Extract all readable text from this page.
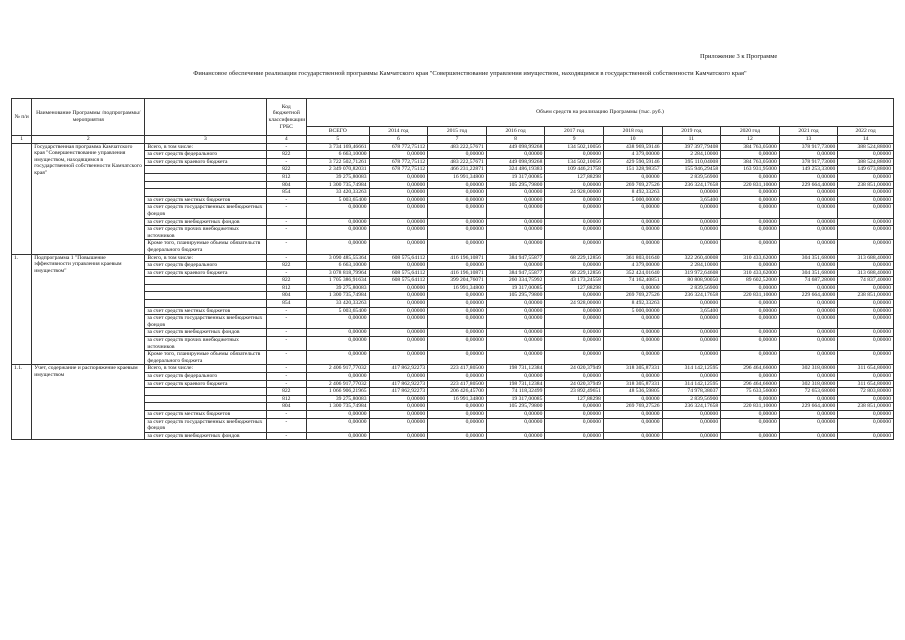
Приложение 3 к Программе
Финансовое обеспечение реализации государственной программы Камчатского края "Совершенствование управления имуществом, находящимся в государственной собственности Камчатского края"
№ п/и	Наименование Программы /подпрограммы/ мероприятия		Код бюджетной классификации ГРБС	Объем средств на реализацию Программы (тыс. руб.)									
				ВСЕГО	2014 год	2015 год	2016 год	2017 год	2018 год	2019 год	2020 год	2021 год	2022 год
1	2	3	4	5	6	7	8	9	10	11	12	13	14
	Государственная программа Камчатского края "Совершенствование управления имуществом, находящимся в государственной собственности Камчатского края"	Всего, в том числе:	-	3 734 169,46661	678 772,75112	483 222,57671	449 098,99268	134 502,10056	438 969,59146	397 397,79408	384 763,05000	378 917,73000	388 524,88000
		за счет средств федерального	822	6 663,10000	0,00000	0,00000	0,00000	0,00000	4 379,00000	2 284,10000	0,00000	0,00000	0,00000
		за счет средств краевого бюджета	-	3 722 502,71261	678 772,75112	483 222,57671	449 098,99268	134 502,10056	429 590,59146	395 110,04008	384 763,05000	378 917,73000	388 524,88000
			822	2 349 070,82031	678 772,75112	466 231,22871	324 486,19383	109 446,21758	151 328,98357	155 946,29458	163 931,95000	149 253,33000	149 673,88000
			812	39 275,80083	0,00000	16 991,34800	19 317,00085	127,88298	0,00000	2 839,56900	0,00000	0,00000	0,00000
			804	1 300 735,74984	0,00000	0,00000	105 295,79800	0,00000	269 769,27526	236 324,17658	220 831,10000	229 664,40000	238 851,00000
			854	33 420,33263	0,00000	0,00000	0,00000	24 928,00000	8 492,33263	0,00000	0,00000	0,00000	0,00000
		за счет средств местных бюджетов	-	5 003,65400	0,00000	0,00000	0,00000	0,00000	5 000,00000	3,65400	0,00000	0,00000	0,00000
		за счет средств государственных внебюджетных фондов	-	0,00000	0,00000	0,00000	0,00000	0,00000	0,00000	0,00000	0,00000	0,00000	0,00000
		за счет средств внебюджетных фондов	-	0,00000	0,00000	0,00000	0,00000	0,00000	0,00000	0,00000	0,00000	0,00000	0,00000
		за счет средств прочих внебюджетных источников	-	0,00000	0,00000	0,00000	0,00000	0,00000	0,00000	0,00000	0,00000	0,00000	0,00000
		Кроме того, планируемые объемы обязательств федерального бюджета	-	0,00000	0,00000	0,00000	0,00000	0,00000	0,00000	0,00000	0,00000	0,00000	0,00000
1.	Подпрограмма 1 "Повышение эффективности управления краевым имуществом"	Всего, в том числе:	-	3 090 485,55364	608 575,64112	416 196,10871	384 947,55877	68 229,12856	361 803,01640	322 260,40008	310 433,62000	304 351,68000	313 688,40000
		за счет средств федерального	822	6 663,10000	0,00000	0,00000	0,00000	0,00000	4 379,00000	2 284,10000	0,00000	0,00000	0,00000
		за счет средств краевого бюджета	-	3 078 818,79964	608 575,64112	416 196,10871	384 947,55877	68 229,12856	352 424,01640	319 972,64608	310 433,62000	304 351,68000	313 688,40000
			822	1 705 386,91634	608 575,64112	399 204,76071	260 334,75992	43 173,24558	74 162,40851	80 808,90050	89 602,52000	74 687,28000	74 837,40000
			812	39 275,80083	0,00000	16 991,34800	19 317,00085	127,88298	0,00000	2 839,56900	0,00000	0,00000	0,00000
			804	1 300 735,74984	0,00000	0,00000	105 295,79800	0,00000	269 769,27526	236 324,17658	220 831,10000	229 664,40000	238 851,00000
			854	33 420,33263	0,00000	0,00000	0,00000	24 928,00000	8 492,33263	0,00000	0,00000	0,00000	0,00000
		за счет средств местных бюджетов	-	5 003,65400	0,00000	0,00000	0,00000	0,00000	5 000,00000	3,65400	0,00000	0,00000	0,00000
		за счет средств государственных внебюджетных фондов	-	0,00000	0,00000	0,00000	0,00000	0,00000	0,00000	0,00000	0,00000	0,00000	0,00000
		за счет средств внебюджетных фондов	-	0,00000	0,00000	0,00000	0,00000	0,00000	0,00000	0,00000	0,00000	0,00000	0,00000
		за счет средств прочих внебюджетных источников	-	0,00000	0,00000	0,00000	0,00000	0,00000	0,00000	0,00000	0,00000	0,00000	0,00000
		Кроме того, планируемые объемы обязательств федерального бюджета	-	0,00000	0,00000	0,00000	0,00000	0,00000	0,00000	0,00000	0,00000	0,00000	0,00000
1.1.	Учет, содержание и распоряжение краевым имуществом	Всего, в том числе:	-	2 406 917,77032	417 862,92273	223 417,80500	198 731,12384	24 020,37949	318 305,87331	314 142,12595	296 464,66000	302 318,08000	311 654,80000
		за счет средств федерального	-	0,00000	0,00000	0,00000	0,00000	0,00000	0,00000	0,00000	0,00000	0,00000	0,00000
		за счет средств краевого бюджета	-	2 406 917,77032	417 862,92273	223 417,80500	198 731,12384	24 020,37949	318 305,87331	314 142,12595	296 464,66000	302 318,08000	311 654,80000
			822	1 066 906,21965	417 862,92273	206 426,45700	74 118,32499	23 892,49651	48 536,59805	74 978,38037	75 633,56000	72 653,68000	72 803,80000
			812	39 275,80083	0,00000	16 991,34800	19 317,00085	127,88298	0,00000	2 839,56900	0,00000	0,00000	0,00000
			804	1 300 735,74984	0,00000	0,00000	105 295,79800	0,00000	269 769,27526	236 324,17658	220 831,10000	229 664,40000	238 851,00000
		за счет средств местных бюджетов	-	0,00000	0,00000	0,00000	0,00000	0,00000	0,00000	0,00000	0,00000	0,00000	0,00000
		за счет средств государственных внебюджетных фондов	-	0,00000	0,00000	0,00000	0,00000	0,00000	0,00000	0,00000	0,00000	0,00000	0,00000
		за счет средств внебюджетных фондов	-	0,00000	0,00000	0,00000	0,00000	0,00000	0,00000	0,00000	0,00000	0,00000	0,00000
